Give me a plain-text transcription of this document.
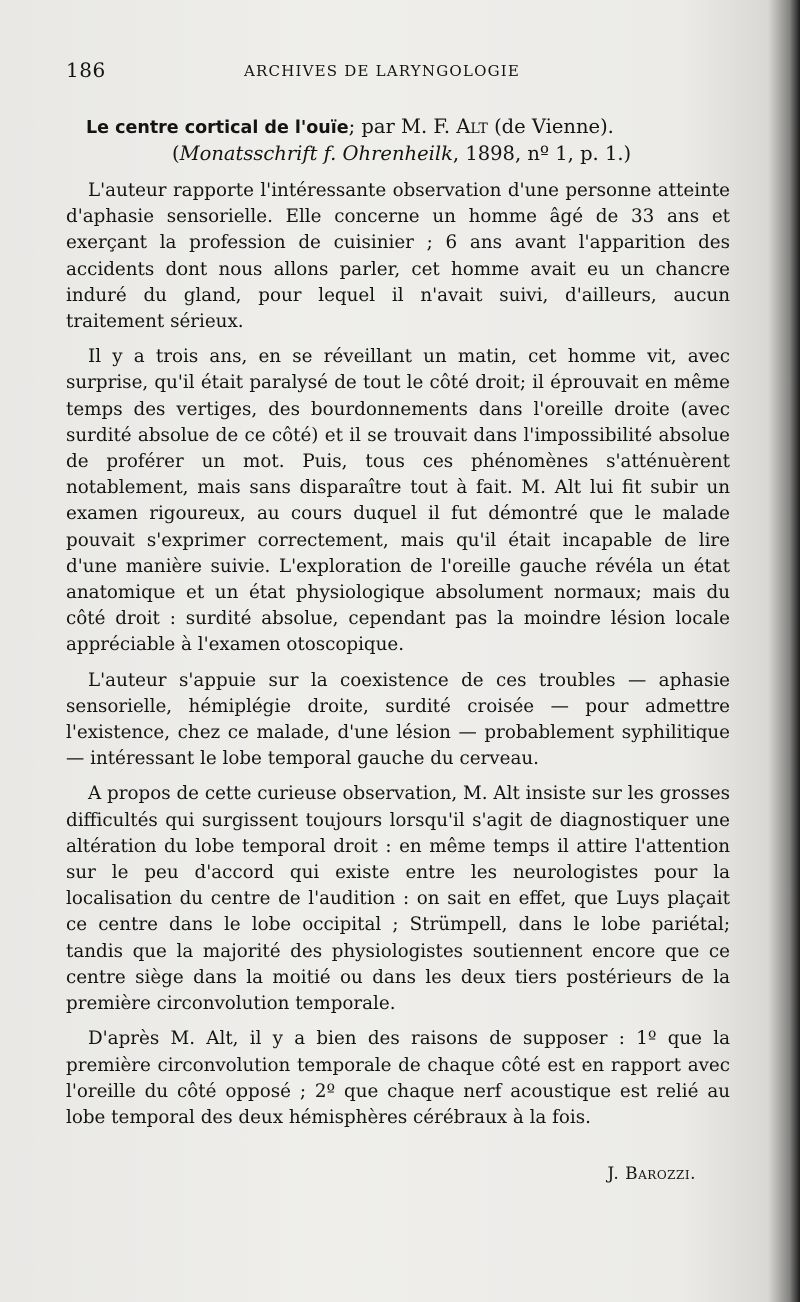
186	ARCHIVES DE LARYNGOLOGIE
Le centre cortical de l'ouïe; par M. F. Alt (de Vienne).
(Monatsschrift f. Ohrenheilk, 1898, nº 1, p. 1.)

L'auteur rapporte l'intéressante observation d'une personne atteinte d'aphasie sensorielle. Elle concerne un homme âgé de 33 ans et exerçant la profession de cuisinier ; 6 ans avant l'apparition des accidents dont nous allons parler, cet homme avait eu un chancre induré du gland, pour lequel il n'avait suivi, d'ailleurs, aucun traitement sérieux.

Il y a trois ans, en se réveillant un matin, cet homme vit, avec surprise, qu'il était paralysé de tout le côté droit; il éprouvait en même temps des vertiges, des bourdonnements dans l'oreille droite (avec surdité absolue de ce côté) et il se trouvait dans l'impossibilité absolue de proférer un mot. Puis, tous ces phénomènes s'atténuèrent notablement, mais sans disparaître tout à fait. M. Alt lui fit subir un examen rigoureux, au cours duquel il fut démontré que le malade pouvait s'exprimer correctement, mais qu'il était incapable de lire d'une manière suivie. L'exploration de l'oreille gauche révéla un état anatomique et un état physiologique absolument normaux; mais du côté droit : surdité absolue, cependant pas la moindre lésion locale appréciable à l'examen otoscopique.

L'auteur s'appuie sur la coexistence de ces troubles — aphasie sensorielle, hémiplégie droite, surdité croisée — pour admettre l'existence, chez ce malade, d'une lésion — probablement syphilitique — intéressant le lobe temporal gauche du cerveau.

A propos de cette curieuse observation, M. Alt insiste sur les grosses difficultés qui surgissent toujours lorsqu'il s'agit de diagnostiquer une altération du lobe temporal droit : en même temps il attire l'attention sur le peu d'accord qui existe entre les neurologistes pour la localisation du centre de l'audition : on sait en effet, que Luys plaçait ce centre dans le lobe occipital ; Strümpell, dans le lobe pariétal; tandis que la majorité des physiologistes soutiennent encore que ce centre siège dans la moitié ou dans les deux tiers postérieurs de la première circonvolution temporale.

D'après M. Alt, il y a bien des raisons de supposer : 1º que la première circonvolution temporale de chaque côté est en rapport avec l'oreille du côté opposé ; 2º que chaque nerf acoustique est relié au lobe temporal des deux hémisphères cérébraux à la fois.

J. Barozzi.
